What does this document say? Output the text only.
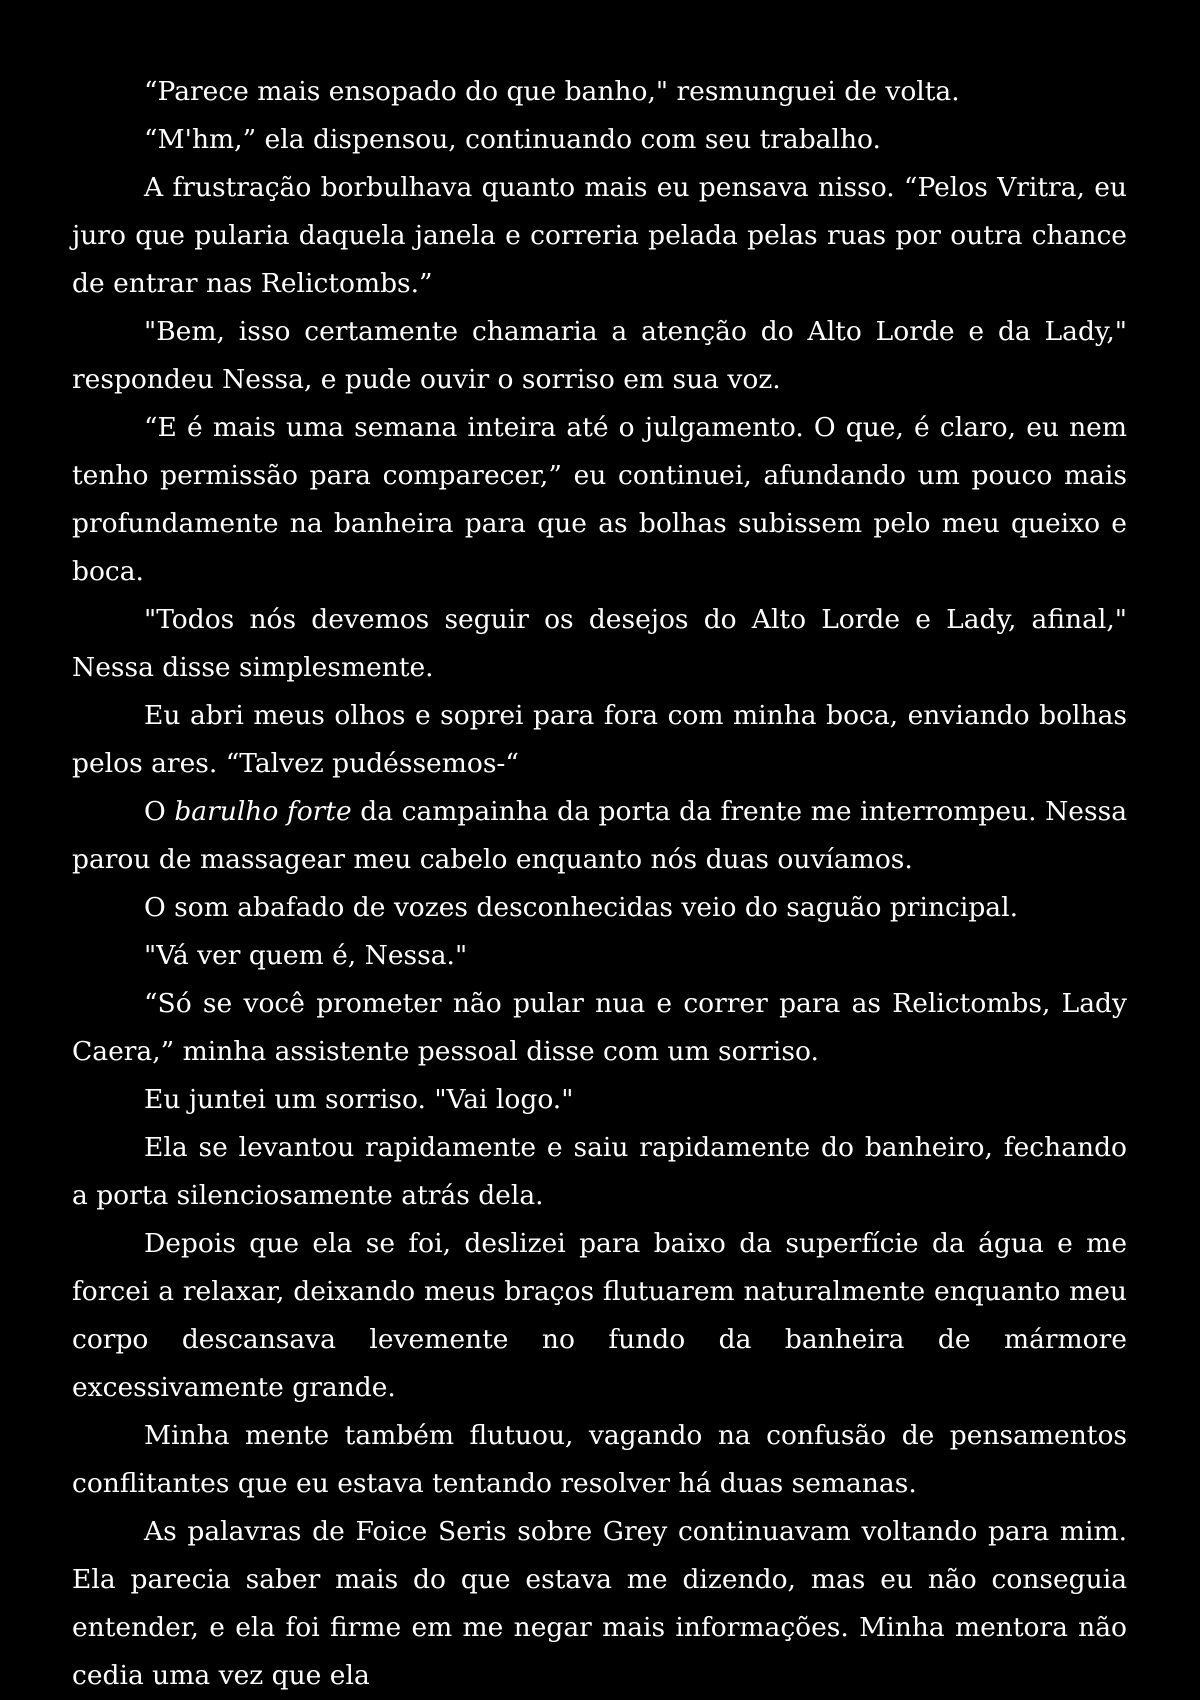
“Parece mais ensopado do que banho," resmunguei de volta.

“M'hm,” ela dispensou, continuando com seu trabalho.

A frustração borbulhava quanto mais eu pensava nisso. “Pelos Vritra, eu juro que pularia daquela janela e correria pelada pelas ruas por outra chance de entrar nas Relictombs.”

"Bem, isso certamente chamaria a atenção do Alto Lorde e da Lady," respondeu Nessa, e pude ouvir o sorriso em sua voz.

“E é mais uma semana inteira até o julgamento. O que, é claro, eu nem tenho permissão para comparecer,” eu continuei, afundando um pouco mais profundamente na banheira para que as bolhas subissem pelo meu queixo e boca.

"Todos nós devemos seguir os desejos do Alto Lorde e Lady, afinal," Nessa disse simplesmente.

Eu abri meus olhos e soprei para fora com minha boca, enviando bolhas pelos ares. “Talvez pudéssemos-“

O barulho forte da campainha da porta da frente me interrompeu. Nessa parou de massagear meu cabelo enquanto nós duas ouvíamos.

O som abafado de vozes desconhecidas veio do saguão principal.

"Vá ver quem é, Nessa."

“Só se você prometer não pular nua e correr para as Relictombs, Lady Caera,” minha assistente pessoal disse com um sorriso.

Eu juntei um sorriso. "Vai logo."

Ela se levantou rapidamente e saiu rapidamente do banheiro, fechando a porta silenciosamente atrás dela.

Depois que ela se foi, deslizei para baixo da superfície da água e me forcei a relaxar, deixando meus braços flutuarem naturalmente enquanto meu corpo descansava levemente no fundo da banheira de mármore excessivamente grande.

Minha mente também flutuou, vagando na confusão de pensamentos conflitantes que eu estava tentando resolver há duas semanas.

As palavras de Foice Seris sobre Grey continuavam voltando para mim. Ela parecia saber mais do que estava me dizendo, mas eu não conseguia entender, e ela foi firme em me negar mais informações. Minha mentora não cedia uma vez que ela
